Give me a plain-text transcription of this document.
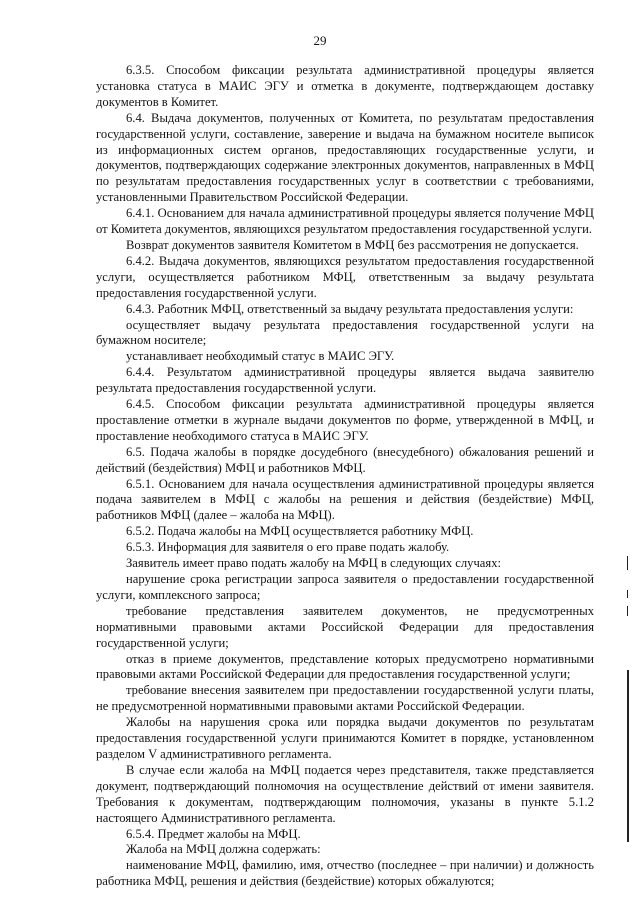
29

6.3.5. Способом фиксации результата административной процедуры является установка статуса в МАИС ЭГУ и отметка в документе, подтверждающем доставку документов в Комитет.

6.4. Выдача документов, полученных от Комитета, по результатам предоставления государственной услуги, составление, заверение и выдача на бумажном носителе выписок из информационных систем органов, предоставляющих государственные услуги, и документов, подтверждающих содержание электронных документов, направленных в МФЦ по результатам предоставления государственных услуг в соответствии с требованиями, установленными Правительством Российской Федерации.

6.4.1. Основанием для начала административной процедуры является получение МФЦ от Комитета документов, являющихся результатом предоставления государственной услуги.

Возврат документов заявителя Комитетом в МФЦ без рассмотрения не допускается.

6.4.2. Выдача документов, являющихся результатом предоставления государственной услуги, осуществляется работником МФЦ, ответственным за выдачу результата предоставления государственной услуги.

6.4.3. Работник МФЦ, ответственный за выдачу результата предоставления услуги:

осуществляет выдачу результата предоставления государственной услуги на бумажном носителе;

устанавливает необходимый статус в МАИС ЭГУ.

6.4.4. Результатом административной процедуры является выдача заявителю результата предоставления государственной услуги.

6.4.5. Способом фиксации результата административной процедуры является проставление отметки в журнале выдачи документов по форме, утвержденной в МФЦ, и проставление необходимого статуса в МАИС ЭГУ.

6.5. Подача жалобы в порядке досудебного (внесудебного) обжалования решений и действий (бездействия) МФЦ и работников МФЦ.

6.5.1. Основанием для начала осуществления административной процедуры является подача заявителем в МФЦ с жалобы на решения и действия (бездействие) МФЦ, работников МФЦ (далее – жалоба на МФЦ).

6.5.2. Подача жалобы на МФЦ осуществляется работнику МФЦ.

6.5.3. Информация для заявителя о его праве подать жалобу.

Заявитель имеет право подать жалобу на МФЦ в следующих случаях:

нарушение срока регистрации запроса заявителя о предоставлении государственной услуги, комплексного запроса;

требование представления заявителем документов, не предусмотренных нормативными правовыми актами Российской Федерации для предоставления государственной услуги;

отказ в приеме документов, представление которых предусмотрено нормативными правовыми актами Российской Федерации для предоставления государственной услуги;

требование внесения заявителем при предоставлении государственной услуги платы, не предусмотренной нормативными правовыми актами Российской Федерации.

Жалобы на нарушения срока или порядка выдачи документов по результатам предоставления государственной услуги принимаются Комитет в порядке, установленном разделом V административного регламента.

В случае если жалоба на МФЦ подается через представителя, также представляется документ, подтверждающий полномочия на осуществление действий от имени заявителя. Требования к документам, подтверждающим полномочия, указаны в пункте 5.1.2 настоящего Административного регламента.

6.5.4. Предмет жалобы на МФЦ.

Жалоба на МФЦ должна содержать:

наименование МФЦ, фамилию, имя, отчество (последнее – при наличии) и должность работника МФЦ, решения и действия (бездействие) которых обжалуются;
